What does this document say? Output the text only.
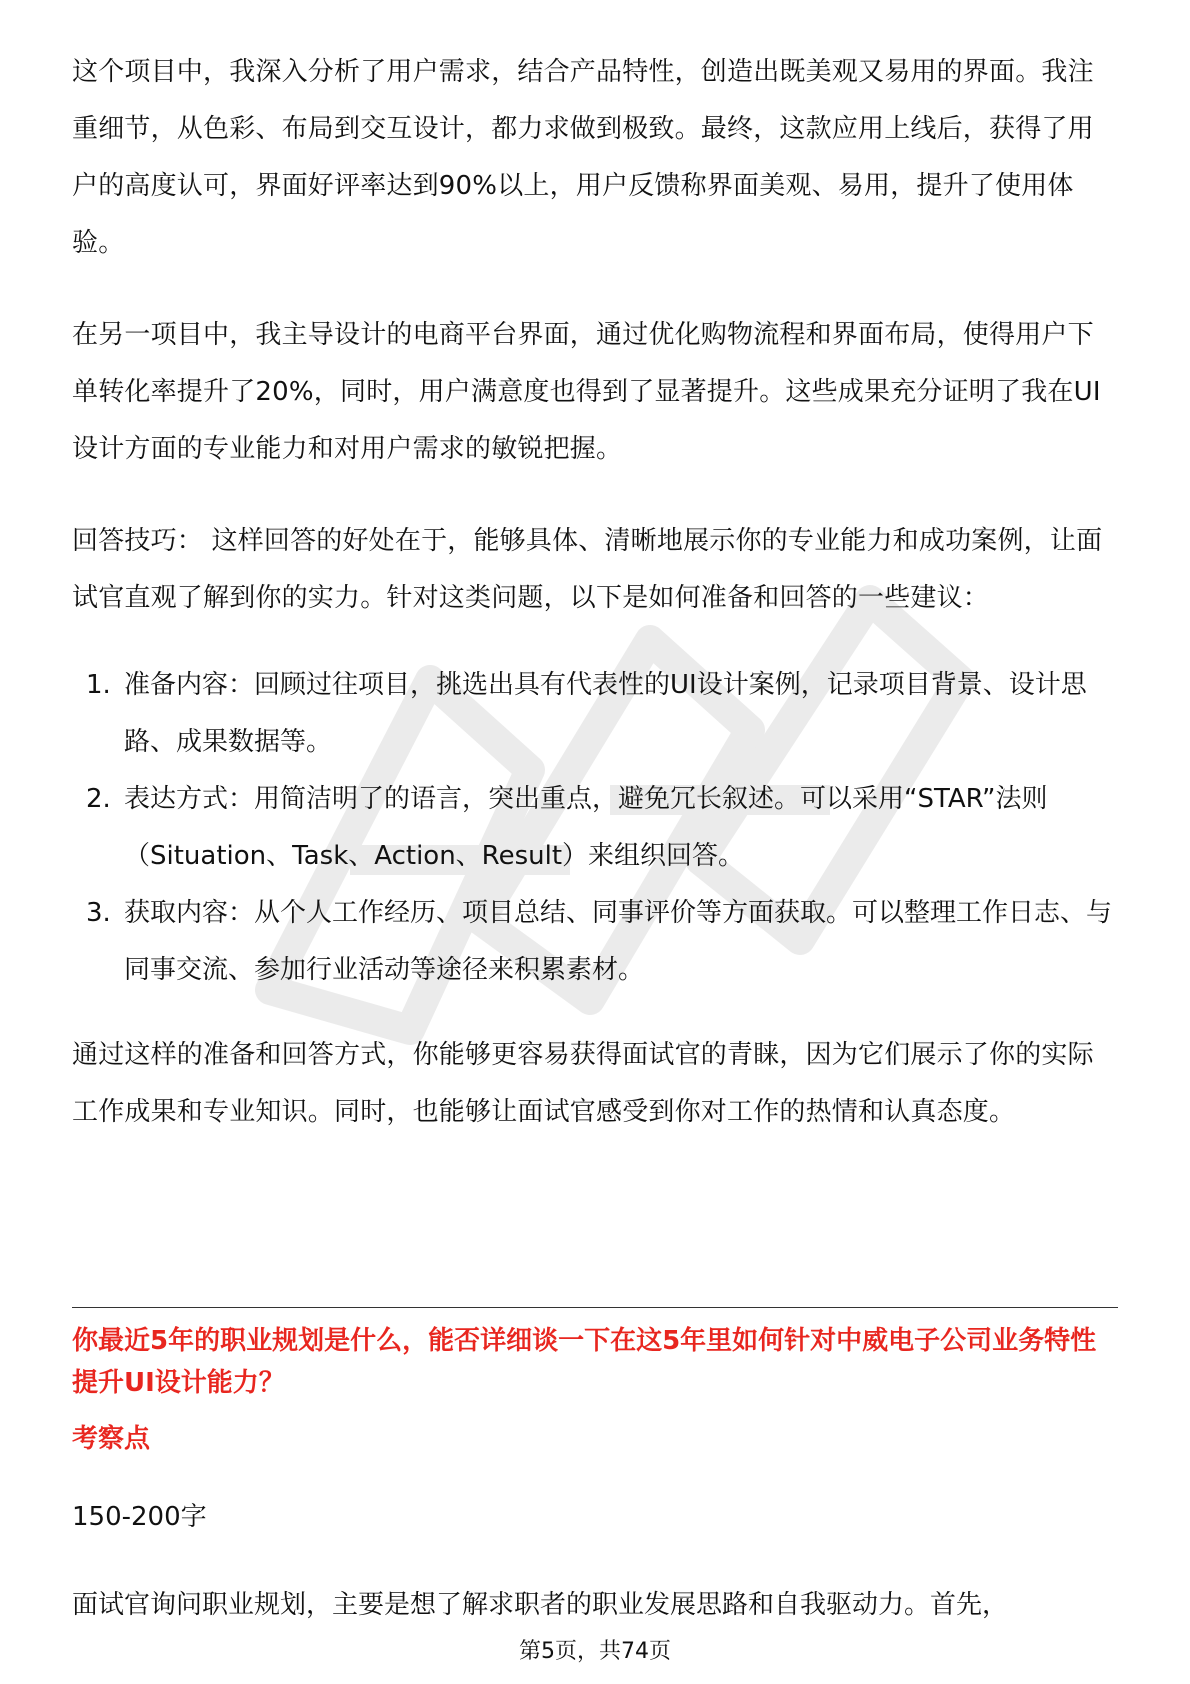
这个项目中，我深入分析了用户需求，结合产品特性，创造出既美观又易用的界面。我注重细节，从色彩、布局到交互设计，都力求做到极致。最终，这款应用上线后，获得了用户的高度认可，界面好评率达到90%以上，用户反馈称界面美观、易用，提升了使用体验。

在另一项目中，我主导设计的电商平台界面，通过优化购物流程和界面布局，使得用户下单转化率提升了20%，同时，用户满意度也得到了显著提升。这些成果充分证明了我在UI设计方面的专业能力和对用户需求的敏锐把握。

回答技巧： 这样回答的好处在于，能够具体、清晰地展示你的专业能力和成功案例，让面试官直观了解到你的实力。针对这类问题，以下是如何准备和回答的一些建议：

1. 准备内容：回顾过往项目，挑选出具有代表性的UI设计案例，记录项目背景、设计思路、成果数据等。
2. 表达方式：用简洁明了的语言，突出重点，避免冗长叙述。可以采用“STAR”法则（Situation、Task、Action、Result）来组织回答。
3. 获取内容：从个人工作经历、项目总结、同事评价等方面获取。可以整理工作日志、与同事交流、参加行业活动等途径来积累素材。

通过这样的准备和回答方式，你能够更容易获得面试官的青睐，因为它们展示了你的实际工作成果和专业知识。同时，也能够让面试官感受到你对工作的热情和认真态度。

你最近5年的职业规划是什么，能否详细谈一下在这5年里如何针对中威电子公司业务特性提升UI设计能力？

考察点

150-200字

面试官询问职业规划，主要是想了解求职者的职业发展思路和自我驱动力。首先，

第5页，共74页
